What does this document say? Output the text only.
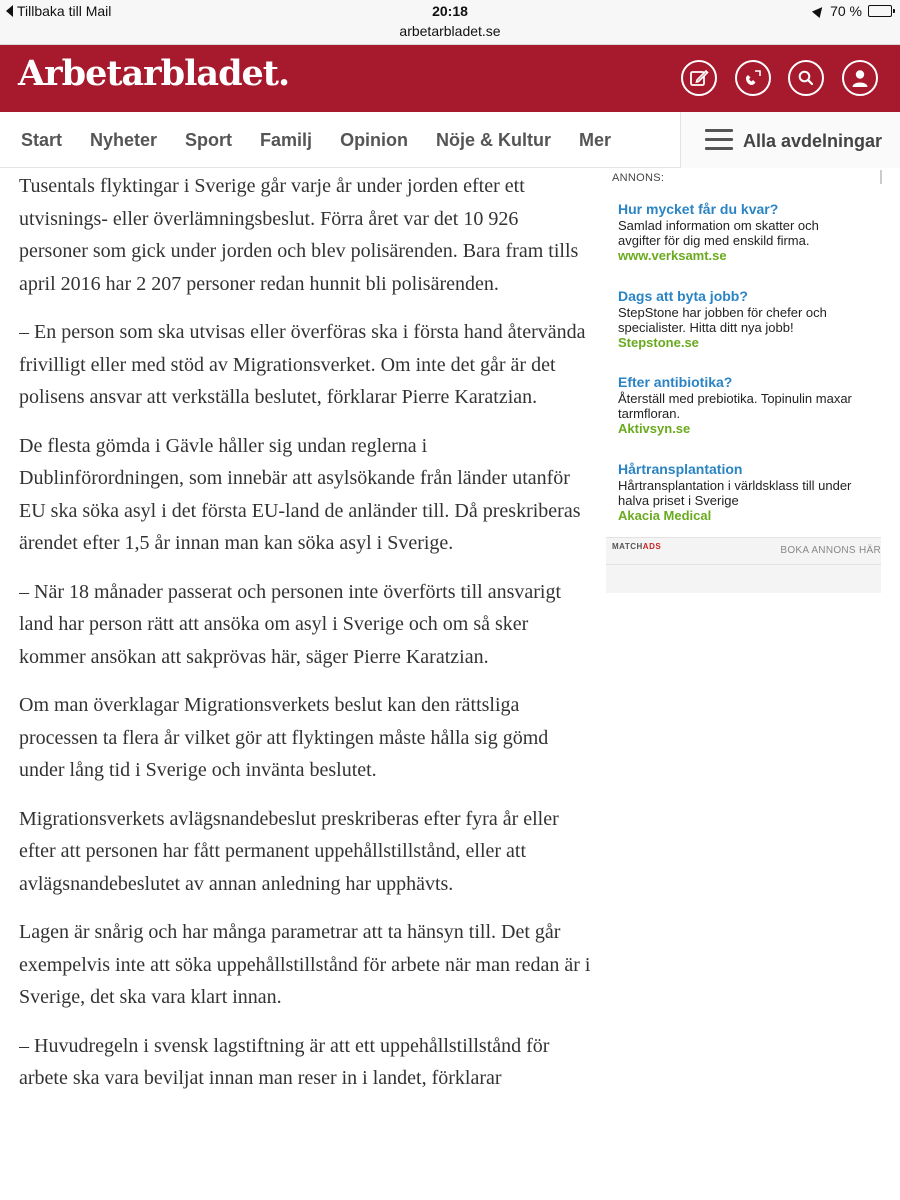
Tillbaka till Mail	20:18
arbetarbladet.se
70 %
Arbetarbladet.
Start Nyheter Sport Familj Opinion Nöje & Kultur Mer	Alla avdelningar

Tusentals flyktingar i Sverige går varje år under jorden efter ett utvisnings- eller överlämningsbeslut. Förra året var det 10 926 personer som gick under jorden och blev polisärenden. Bara fram tills april 2016 har 2 207 personer redan hunnit bli polisärenden.

– En person som ska utvisas eller överföras ska i första hand återvända frivilligt eller med stöd av Migrationsverket. Om inte det går är det polisens ansvar att verkställa beslutet, förklarar Pierre Karatzian.

De flesta gömda i Gävle håller sig undan reglerna i Dublinförordningen, som innebär att asylsökande från länder utanför EU ska söka asyl i det första EU-land de anländer till. Då preskriberas ärendet efter 1,5 år innan man kan söka asyl i Sverige.

– När 18 månader passerat och personen inte överförts till ansvarigt land har person rätt att ansöka om asyl i Sverige och om så sker kommer ansökan att sakprövas här, säger Pierre Karatzian.

Om man överklagar Migrationsverkets beslut kan den rättsliga processen ta flera år vilket gör att flyktingen måste hålla sig gömd under lång tid i Sverige och invänta beslutet.

Migrationsverkets avlägsnandebeslut preskriberas efter fyra år eller efter att personen har fått permanent uppehållstillstånd, eller att avlägsnandebeslutet av annan anledning har upphävts.

Lagen är snårig och har många parametrar att ta hänsyn till. Det går exempelvis inte att söka uppehållstillstånd för arbete när man redan är i Sverige, det ska vara klart innan.

– Huvudregeln i svensk lagstiftning är att ett uppehållstillstånd för arbete ska vara beviljat innan man reser in i landet, förklarar

ANNONS:
Hur mycket får du kvar?
Samlad information om skatter och
avgifter för dig med enskild firma.
www.verksamt.se
Dags att byta jobb?
StepStone har jobben för chefer och
specialister. Hitta ditt nya jobb!
Stepstone.se
Efter antibiotika?
Återställ med prebiotika. Topinulin maxar
tarmfloran.
Aktivsyn.se
Hårtransplantation
Hårtransplantation i världsklass till under
halva priset i Sverige
Akacia Medical
MATCHADS	BOKA ANNONS HÄR
